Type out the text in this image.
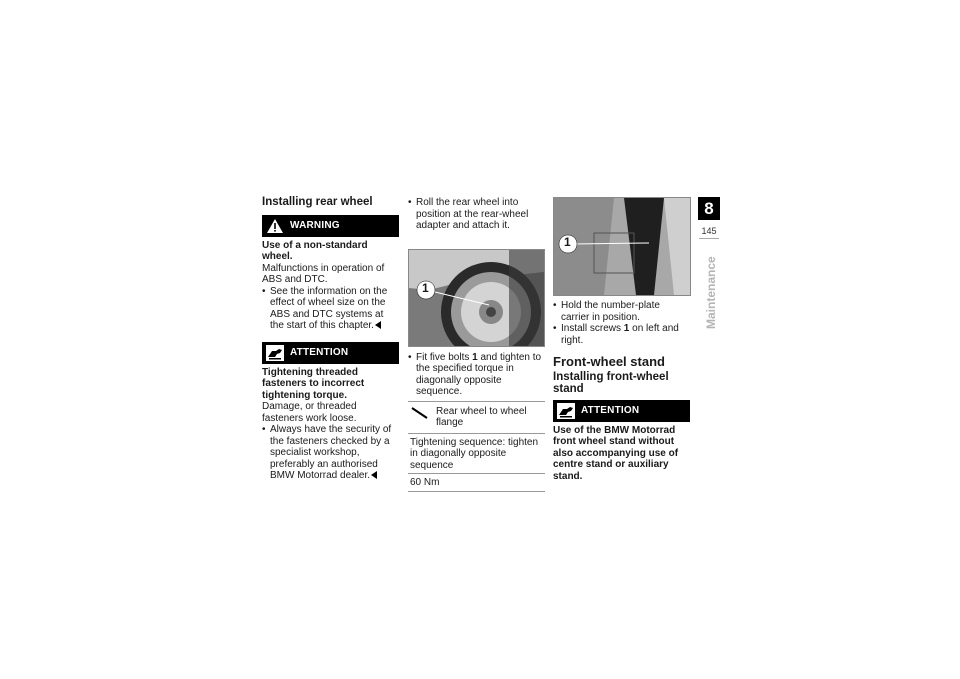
Installing rear wheel
WARNING
Use of a non-standard wheel.
Malfunctions in operation of ABS and DTC.

• See the information on the effect of wheel size on the ABS and DTC systems at the start of this chapter.

ATTENTION
Tightening threaded fasteners to incorrect tightening torque.
Damage, or threaded fasteners work loose.

• Always have the security of the fasteners checked by a specialist workshop, preferably an authorised BMW Motorrad dealer.

• Roll the rear wheel into position at the rear-wheel adapter and attach it.

1

• Fit five bolts 1 and tighten to the specified torque in diagonally opposite sequence.

Rear wheel to wheel flange
Tightening sequence: tighten in diagonally opposite sequence
60 Nm
1

• Hold the number-plate carrier in position.

• Install screws 1 on left and right.

Front-wheel stand
Installing front-wheel stand
ATTENTION
Use of the BMW Motorrad front wheel stand without also accompanying use of centre stand or auxiliary stand.
8
145
Maintenance
